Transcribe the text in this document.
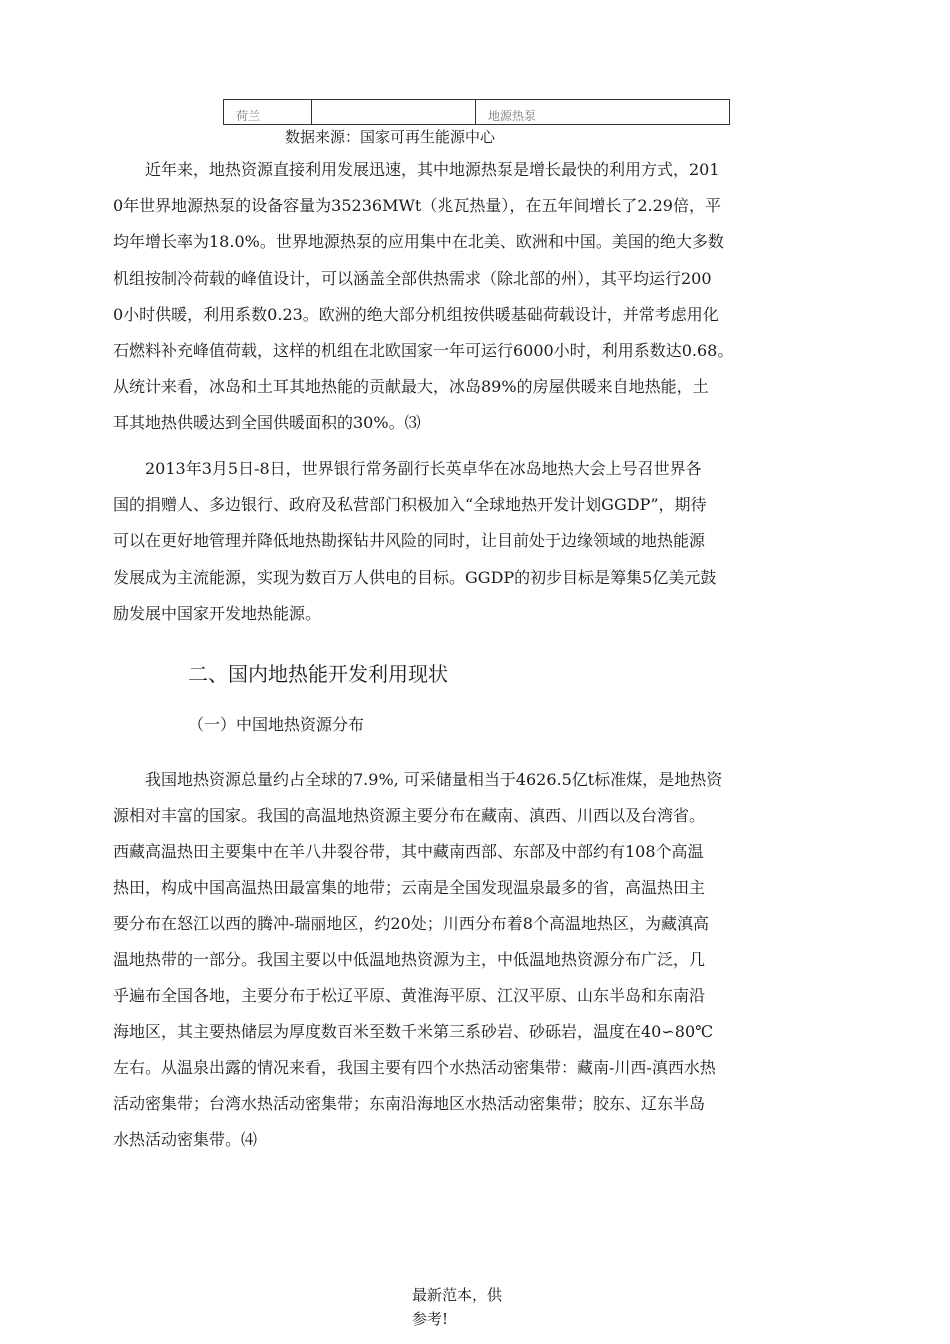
荷兰	地源热泵
数据来源：国家可再生能源中心
　　近年来，地热资源直接利用发展迅速，其中地源热泵是增长最快的利用方式，201
0年世界地源热泵的设备容量为35236MWt（兆瓦热量），在五年间增长了2.29倍，平
均年增长率为18.0%。世界地源热泵的应用集中在北美、欧洲和中国。美国的绝大多数
机组按制冷荷载的峰值设计，可以涵盖全部供热需求（除北部的州），其平均运行200
0小时供暖，利用系数0.23。欧洲的绝大部分机组按供暖基础荷载设计，并常考虑用化
石燃料补充峰值荷载，这样的机组在北欧国家一年可运行6000小时，利用系数达0.68。
从统计来看，冰岛和土耳其地热能的贡献最大，冰岛89%的房屋供暖来自地热能，土
耳其地热供暖达到全国供暖面积的30%。⑶
　　2013年3月5日-8日，世界银行常务副行长英卓华在冰岛地热大会上号召世界各
国的捐赠人、多边银行、政府及私营部门积极加入“全球地热开发计划GGDP”，期待
可以在更好地管理并降低地热勘探钻井风险的同时，让目前处于边缘领域的地热能源
发展成为主流能源，实现为数百万人供电的目标。GGDP的初步目标是筹集5亿美元鼓
励发展中国家开发地热能源。
二、国内地热能开发利用现状
（一）中国地热资源分布
　　我国地热资源总量约占全球的7.9%, 可采储量相当于4626.5亿t标准煤，是地热资
源相对丰富的国家。我国的高温地热资源主要分布在藏南、滇西、川西以及台湾省。
西藏高温热田主要集中在羊八井裂谷带，其中藏南西部、东部及中部约有108个高温
热田，构成中国高温热田最富集的地带；云南是全国发现温泉最多的省，高温热田主
要分布在怒江以西的腾冲-瑞丽地区，约20处；川西分布着8个高温地热区，为藏滇高
温地热带的一部分。我国主要以中低温地热资源为主，中低温地热资源分布广泛，几
乎遍布全国各地，主要分布于松辽平原、黄淮海平原、江汉平原、山东半岛和东南沿
海地区，其主要热储层为厚度数百米至数千米第三系砂岩、砂砾岩，温度在40∽80℃
左右。从温泉出露的情况来看，我国主要有四个水热活动密集带：藏南-川西-滇西水热
活动密集带；台湾水热活动密集带；东南沿海地区水热活动密集带；胶东、辽东半岛
水热活动密集带。⑷
最新范本，供
参考!
